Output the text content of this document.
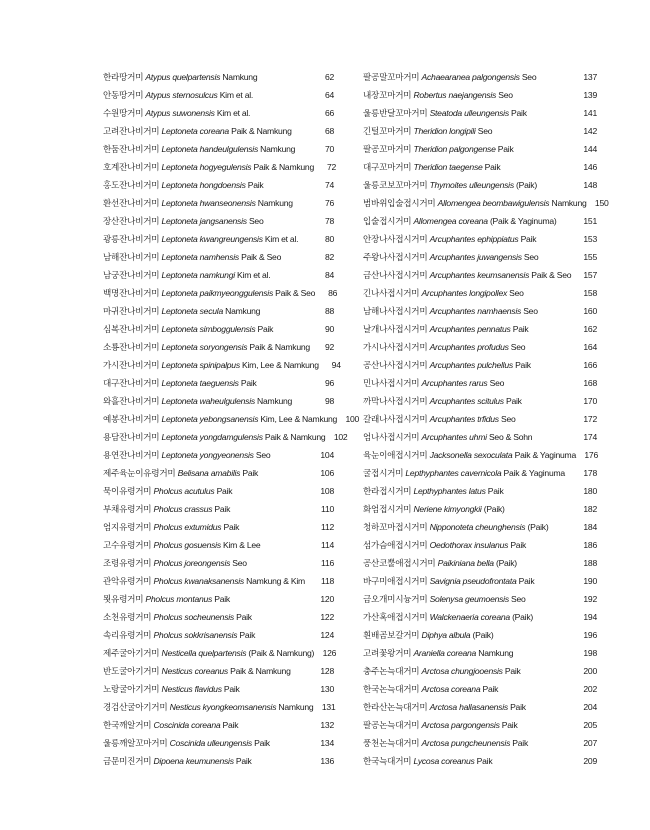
한라땅거미 Atypus quelpartensis Namkung	62
안동땅거미 Atypus sternosulcus Kim et al.	64
수원땅거미 Atypus suwonensis Kim et al.	66
고려잔나비거미 Leptoneta coreana Paik & Namkung	68
한둠잔나비거미 Leptoneta handeulgulensis Namkung	70
호계잔나비거미 Leptoneta hogyegulensis Paik & Namkung	72
홍도잔나비거미 Leptoneta hongdoensis Paik	74
환선잔나비거미 Leptoneta hwanseonensis Namkung	76
장산잔나비거미 Leptoneta jangsanensis Seo	78
광릉잔나비거미 Leptoneta kwangreungensis Kim et al.	80
남해잔나비거미 Leptoneta namhensis Paik & Seo	82
남궁잔나비거미 Leptoneta namkungi Kim et al.	84
백명잔나비거미 Leptoneta paikmyeonggulensis Paik & Seo	86
마귀잔나비거미 Leptoneta secula Namkung	88
심복잔나비거미 Leptoneta simboggulensis Paik	90
소룡잔나비거미 Leptoneta soryongensis Paik & Namkung	92
가시잔나비거미 Leptoneta spinipalpus Kim, Lee & Namkung	94
대구잔나비거미 Leptoneta taeguensis Paik	96
와흘잔나비거미 Leptoneta waheulgulensis Namkung	98
예봉잔나비거미 Leptoneta yebongsanensis Kim, Lee & Namkung 100
용담잔나비거미 Leptoneta yongdamgulensis Paik & Namkung 102
용연잔나비거미 Leptoneta yongyeonensis Seo	104
제주육눈이유령거미 Belisana amabilis Paik	106
묵이유령거미 Pholcus acutulus Paik	108
부채유령거미 Pholcus crassus Paik	110
엄지유령거미 Pholcus extumidus Paik	112
고수유령거미 Pholcus gosuensis Kim & Lee	114
조령유령거미 Pholcus joreongensis Seo	116
관악유령거미 Pholcus kwanaksanensis Namkung & Kim	118
묏유령거미 Pholcus montanus Paik	120
소천유령거미 Pholcus socheunensis Paik	122
속리유령거미 Pholcus sokkrisanensis Paik	124
제주굴아기거미 Nesticella quelpartensis (Paik & Namkung) 126
반도굴아기거미 Nesticus coreanus Paik & Namkung	128
노랑굴아기거미 Nesticus flavidus Paik	130
경검산굴아기거미 Nesticus kyongkeomsanensis Namkung 131
한국깨알거미 Coscinida coreana Paik	132
울릉깨알꼬마거미 Coscinida ulleungensis Paik	134
금문미진거미 Dipoena keumunensis Paik	136
팔공말꼬마거미 Achaearanea palgongensis Seo	137
내장꼬마거미 Robertus naejangensis Seo	139
울릉반달꼬마거미 Steatoda ulleungensis Paik	141
긴털꼬마거미 Theridion longipili Seo	142
팔공꼬마거미 Theridion palgongense Paik	144
대구꼬마거미 Theridion taegense Paik	146
울릉코보꼬마거미 Thymoites ulleungensis (Paik)	148
범바위입술접시거미 Allomengea beombawigulensis Namkung 150
입술접시거미 Allomengea coreana (Paik & Yaginuma)	151
안장나사접시거미 Arcuphantes ephippiatus Paik	153
주왕나사접시거미 Arcuphantes juwangensis Seo	155
금산나사접시거미 Arcuphantes keumsanensis Paik & Seo	157
긴나사접시거미 Arcuphantes longipollex Seo	158
남해나사접시거미 Arcuphantes namhaensis Seo	160
날개나사접시거미 Arcuphantes pennatus Paik	162
가시나사접시거미 Arcuphantes profudus Seo	164
공산나사접시거미 Arcuphantes pulchellus Paik	166
민나사접시거미 Arcuphantes rarus Seo	168
까막나사접시거미 Arcuphantes scitulus Paik	170
갈래나사접시거미 Arcuphantes trfidus Seo	172
엄나사접시거미 Arcuphantes uhmi Seo & Sohn	174
육눈이애접시거미 Jacksonella sexoculata Paik & Yaginuma 176
굴접시거미 Lepthyphantes cavernicola Paik & Yaginuma	178
한라접시거미 Lepthyphantes latus Paik	180
화엄접시거미 Neriene kimyongkii (Paik)	182
청하꼬마접시거미 Nipponoteta cheunghensis (Paik)	184
섬가슴애접시거미 Oedothorax insulanus Paik	186
공산코뿔애접시거미 Paikiniana bella (Paik)	188
바구미애접시거미 Savignia pseudofrontata Paik	190
금오개미시늉거미 Solenysa geumoensis Seo	192
가산혹애접시거미 Walckenaeria coreana (Paik)	194
흰배곰보갈거미 Diphya albula (Paik)	196
고려꽃왕거미 Araniella coreana Namkung	198
충주논늑대거미 Arctosa chungjooensis Paik	200
한국논늑대거미 Arctosa coreana Paik	202
한라산논늑대거미 Arctosa hallasanensis Paik	204
팔공논늑대거미 Arctosa pargongensis Paik	205
풍천논늑대거미 Arctosa pungcheunensis Paik	207
한국늑대거미 Lycosa coreanus Paik	209
